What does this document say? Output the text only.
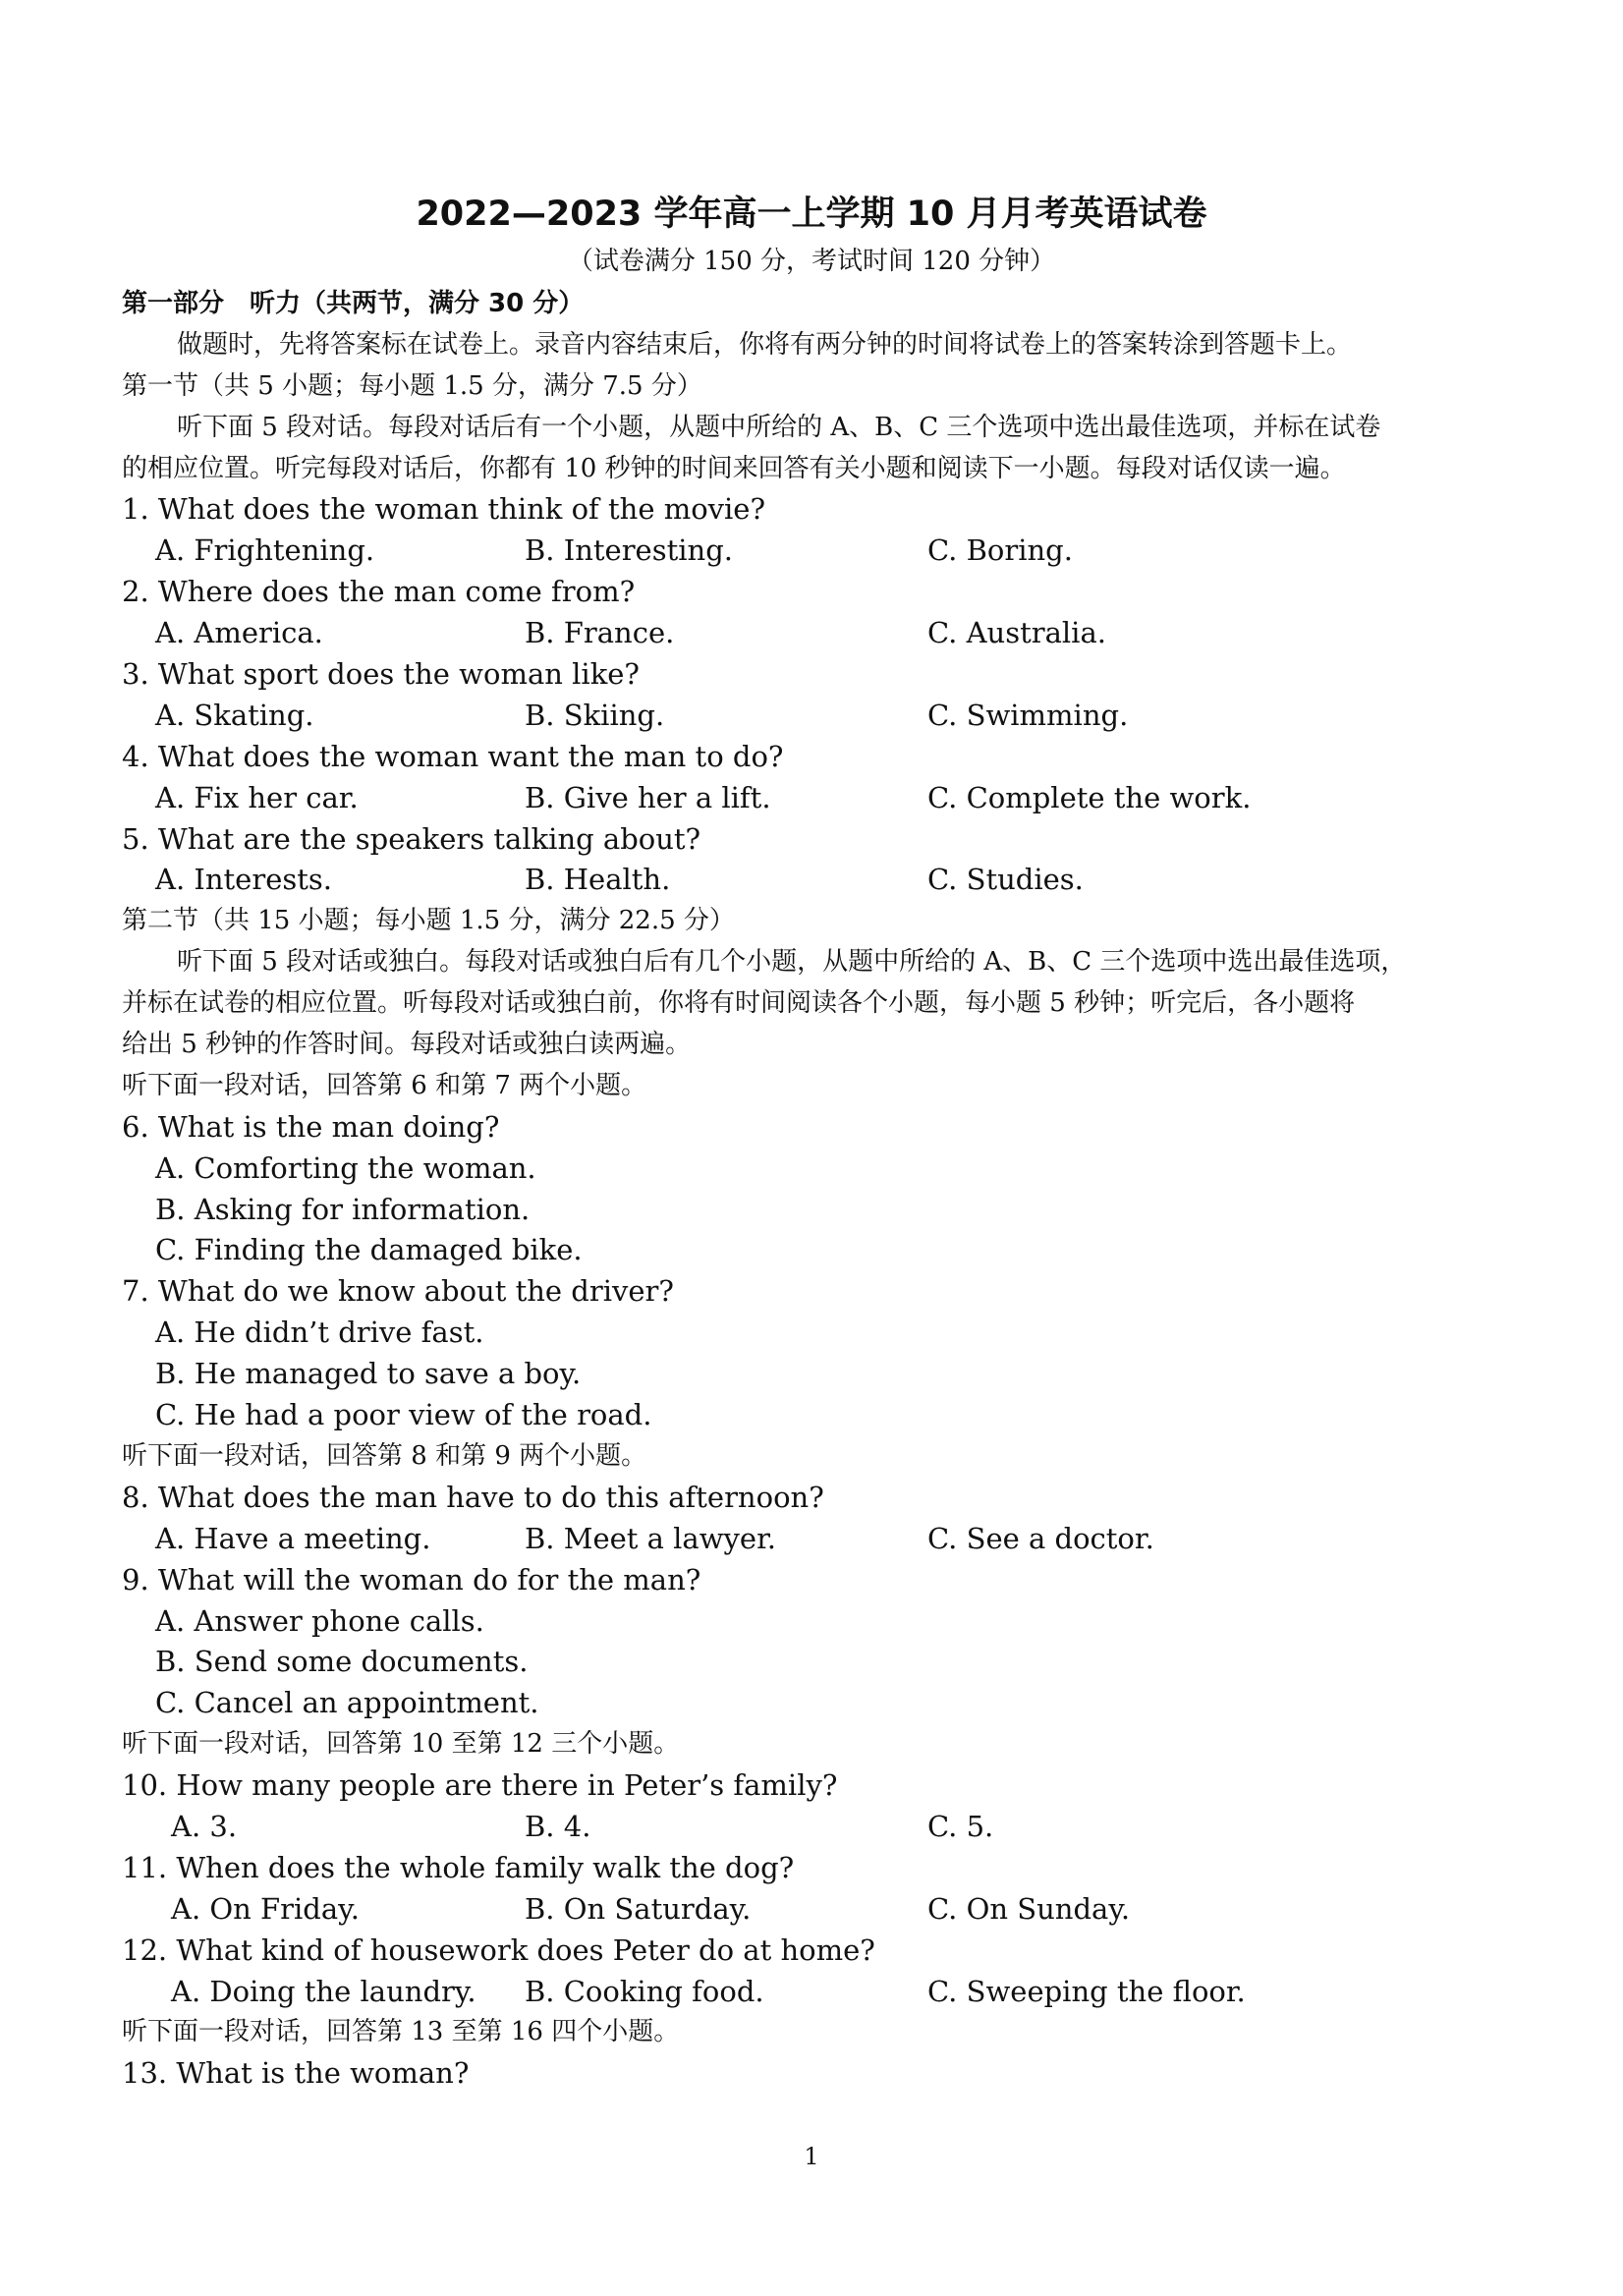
2022—2023 学年高一上学期 10 月月考英语试卷
（试卷满分 150 分，考试时间 120 分钟）
第一部分　听力（共两节，满分 30 分）
做题时，先将答案标在试卷上。录音内容结束后，你将有两分钟的时间将试卷上的答案转涂到答题卡上。
第一节（共 5 小题；每小题 1.5 分，满分 7.5 分）
听下面 5 段对话。每段对话后有一个小题，从题中所给的 A、B、C 三个选项中选出最佳选项，并标在试卷
的相应位置。听完每段对话后，你都有 10 秒钟的时间来回答有关小题和阅读下一小题。每段对话仅读一遍。
1. What does the woman think of the movie?
A. Frightening.	B. Interesting.	C. Boring.
2. Where does the man come from?
A. America.	B. France.	C. Australia.
3. What sport does the woman like?
A. Skating.	B. Skiing.	C. Swimming.
4. What does the woman want the man to do?
A. Fix her car.	B. Give her a lift.	C. Complete the work.
5. What are the speakers talking about?
A. Interests.	B. Health.	C. Studies.
第二节（共 15 小题；每小题 1.5 分，满分 22.5 分）
听下面 5 段对话或独白。每段对话或独白后有几个小题，从题中所给的 A、B、C 三个选项中选出最佳选项，
并标在试卷的相应位置。听每段对话或独白前，你将有时间阅读各个小题，每小题 5 秒钟；听完后，各小题将
给出 5 秒钟的作答时间。每段对话或独白读两遍。
听下面一段对话，回答第 6 和第 7 两个小题。
6. What is the man doing?
A. Comforting the woman.
B. Asking for information.
C. Finding the damaged bike.
7. What do we know about the driver?
A. He didn’t drive fast.
B. He managed to save a boy.
C. He had a poor view of the road.
听下面一段对话，回答第 8 和第 9 两个小题。
8. What does the man have to do this afternoon?
A. Have a meeting.	B. Meet a lawyer.	C. See a doctor.
9. What will the woman do for the man?
A. Answer phone calls.
B. Send some documents.
C. Cancel an appointment.
听下面一段对话，回答第 10 至第 12 三个小题。
10. How many people are there in Peter’s family?
A. 3.	B. 4.	C. 5.
11. When does the whole family walk the dog?
A. On Friday.	B. On Saturday.	C. On Sunday.
12. What kind of housework does Peter do at home?
A. Doing the laundry. B. Cooking food.	C. Sweeping the floor.
听下面一段对话，回答第 13 至第 16 四个小题。
13. What is the woman?
1
